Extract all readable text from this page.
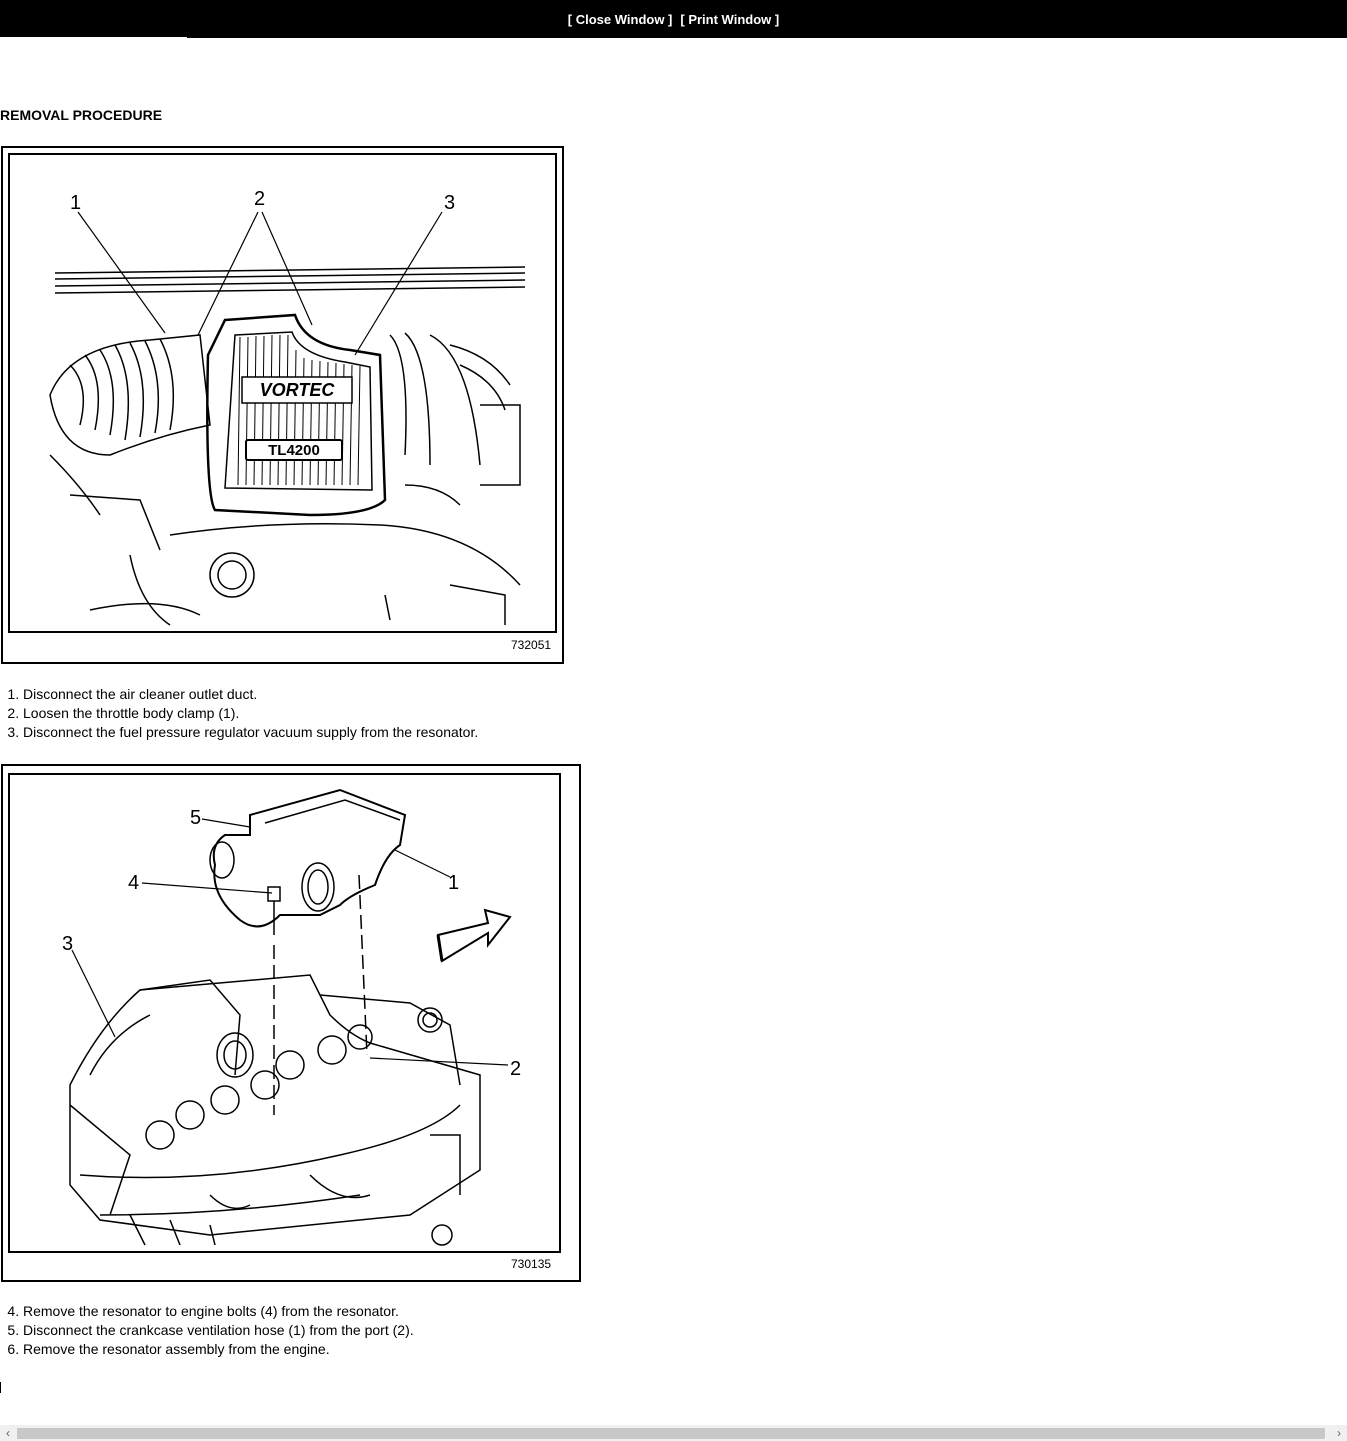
[ Close Window ] [ Print Window ]
REMOVAL PROCEDURE
VORTEC
TL4200
1	2	3
732051
1. Disconnect the air cleaner outlet duct.
2. Loosen the throttle body clamp (1).
3. Disconnect the fuel pressure regulator vacuum supply from the resonator.
5
4	1
3
2
730135
4. Remove the resonator to engine bolts (4) from the resonator.
5. Disconnect the crankcase ventilation hose (1) from the port (2).
6. Remove the resonator assembly from the engine.
‹	›
